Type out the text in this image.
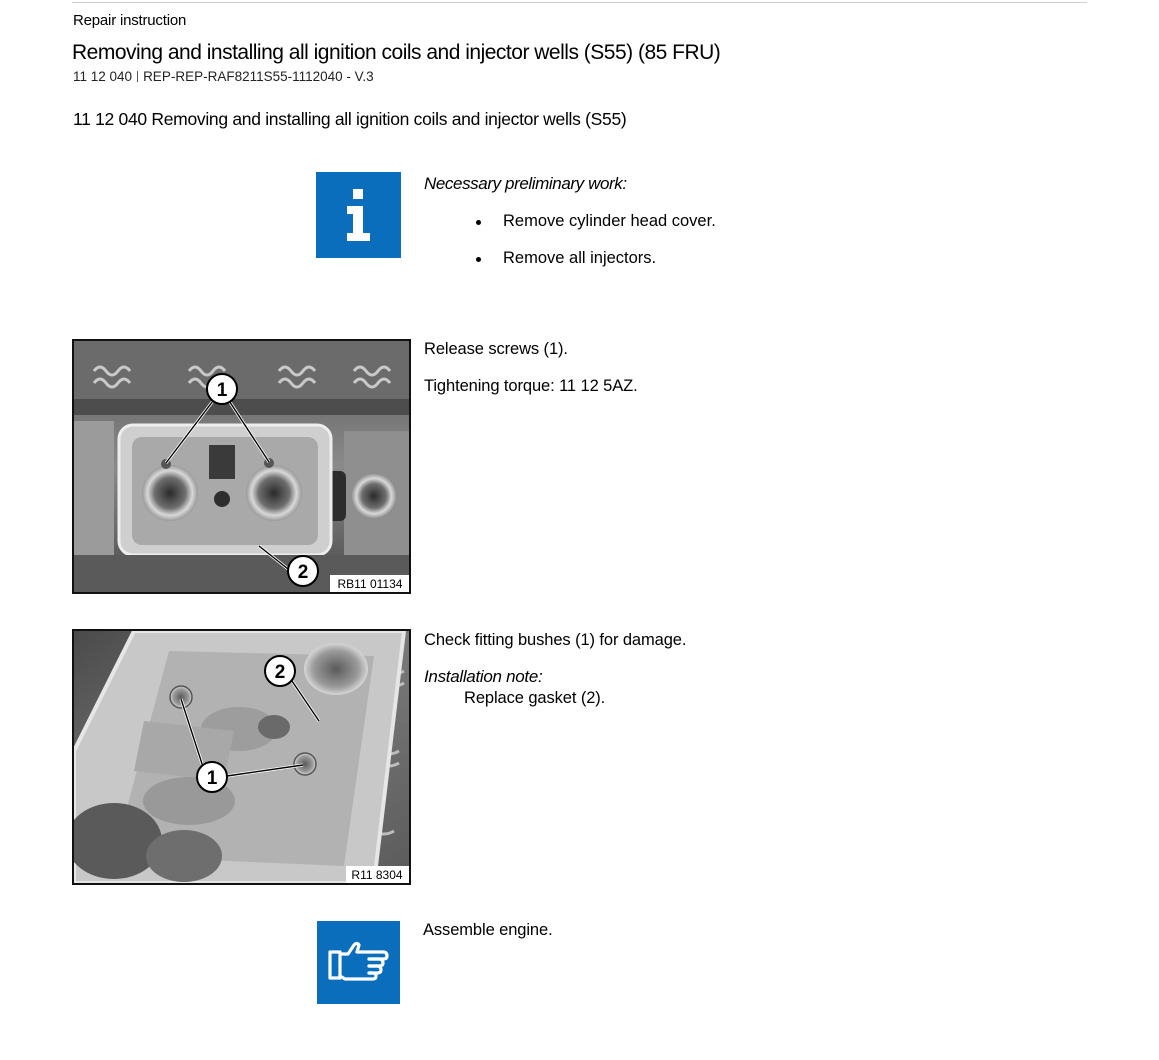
Repair instruction
Removing and installing all ignition coils and injector wells (S55) (85 FRU)
11 12 040 REP-REP-RAF8211S55-1112040 - V.3
11 12 040 Removing and installing all ignition coils and injector wells (S55)
Necessary preliminary work:
Remove cylinder head cover.
Remove all injectors.
1
2
RB11 01134
Release screws (1).
Tightening torque: 11 12 5AZ.
2
1
R11 8304
Check fitting bushes (1) for damage.
Installation note:
Replace gasket (2).
Assemble engine.
